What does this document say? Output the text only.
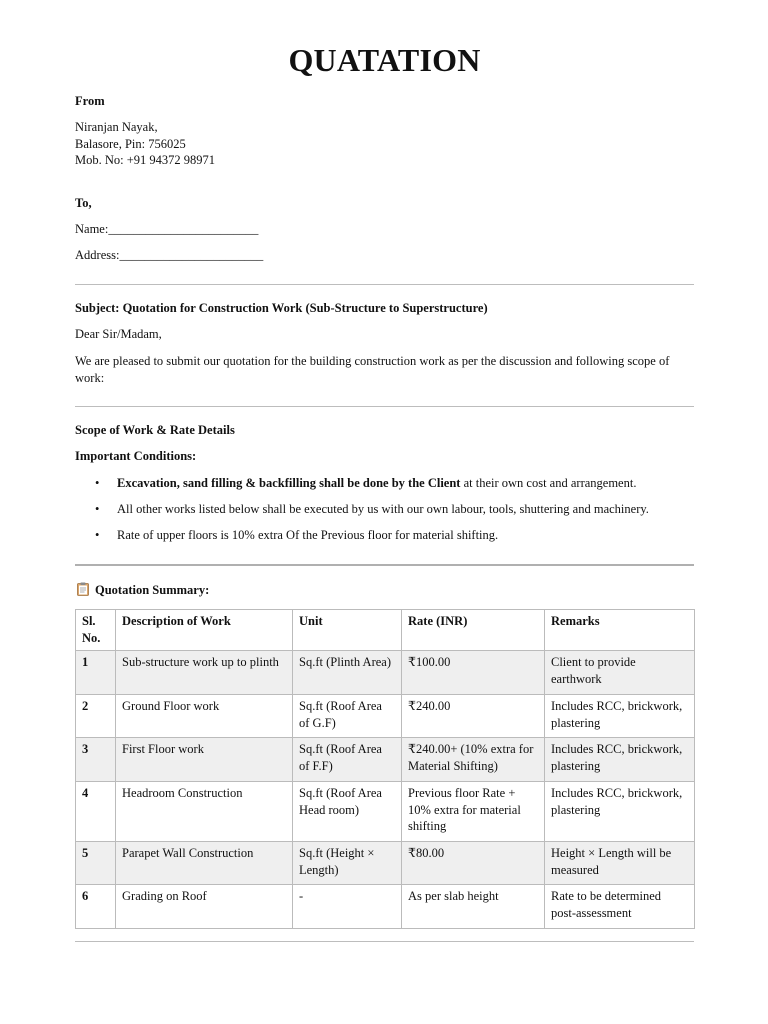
QUATATION
From
Niranjan Nayak,
Balasore, Pin: 756025
Mob. No: +91 94372 98971
To,
Name:________________________
Address:_______________________
Subject: Quotation for Construction Work (Sub-Structure to Superstructure)
Dear Sir/Madam,
We are pleased to submit our quotation for the building construction work as per the discussion and following scope of work:
Scope of Work & Rate Details
Important Conditions:
• Excavation, sand filling & backfilling shall be done by the Client at their own cost and arrangement.
• All other works listed below shall be executed by us with our own labour, tools, shuttering and machinery.
• Rate of upper floors is 10% extra Of the Previous floor for material shifting.
Quotation Summary:
Sl. No.	Description of Work	Unit	Rate (INR)	Remarks
1	Sub-structure work up to plinth	Sq.ft (Plinth Area)	₹100.00	Client to provide earthwork
2	Ground Floor work	Sq.ft (Roof Area of G.F)	₹240.00	Includes RCC, brickwork, plastering
3	First Floor work	Sq.ft (Roof Area of F.F)	₹240.00+ (10% extra for Material Shifting)	Includes RCC, brickwork, plastering
4	Headroom Construction	Sq.ft (Roof Area Head room)	Previous floor Rate + 10% extra for material shifting	Includes RCC, brickwork, plastering
5	Parapet Wall Construction	Sq.ft (Height × Length)	₹80.00	Height × Length will be measured
6	Grading on Roof	-	As per slab height	Rate to be determined post-assessment
